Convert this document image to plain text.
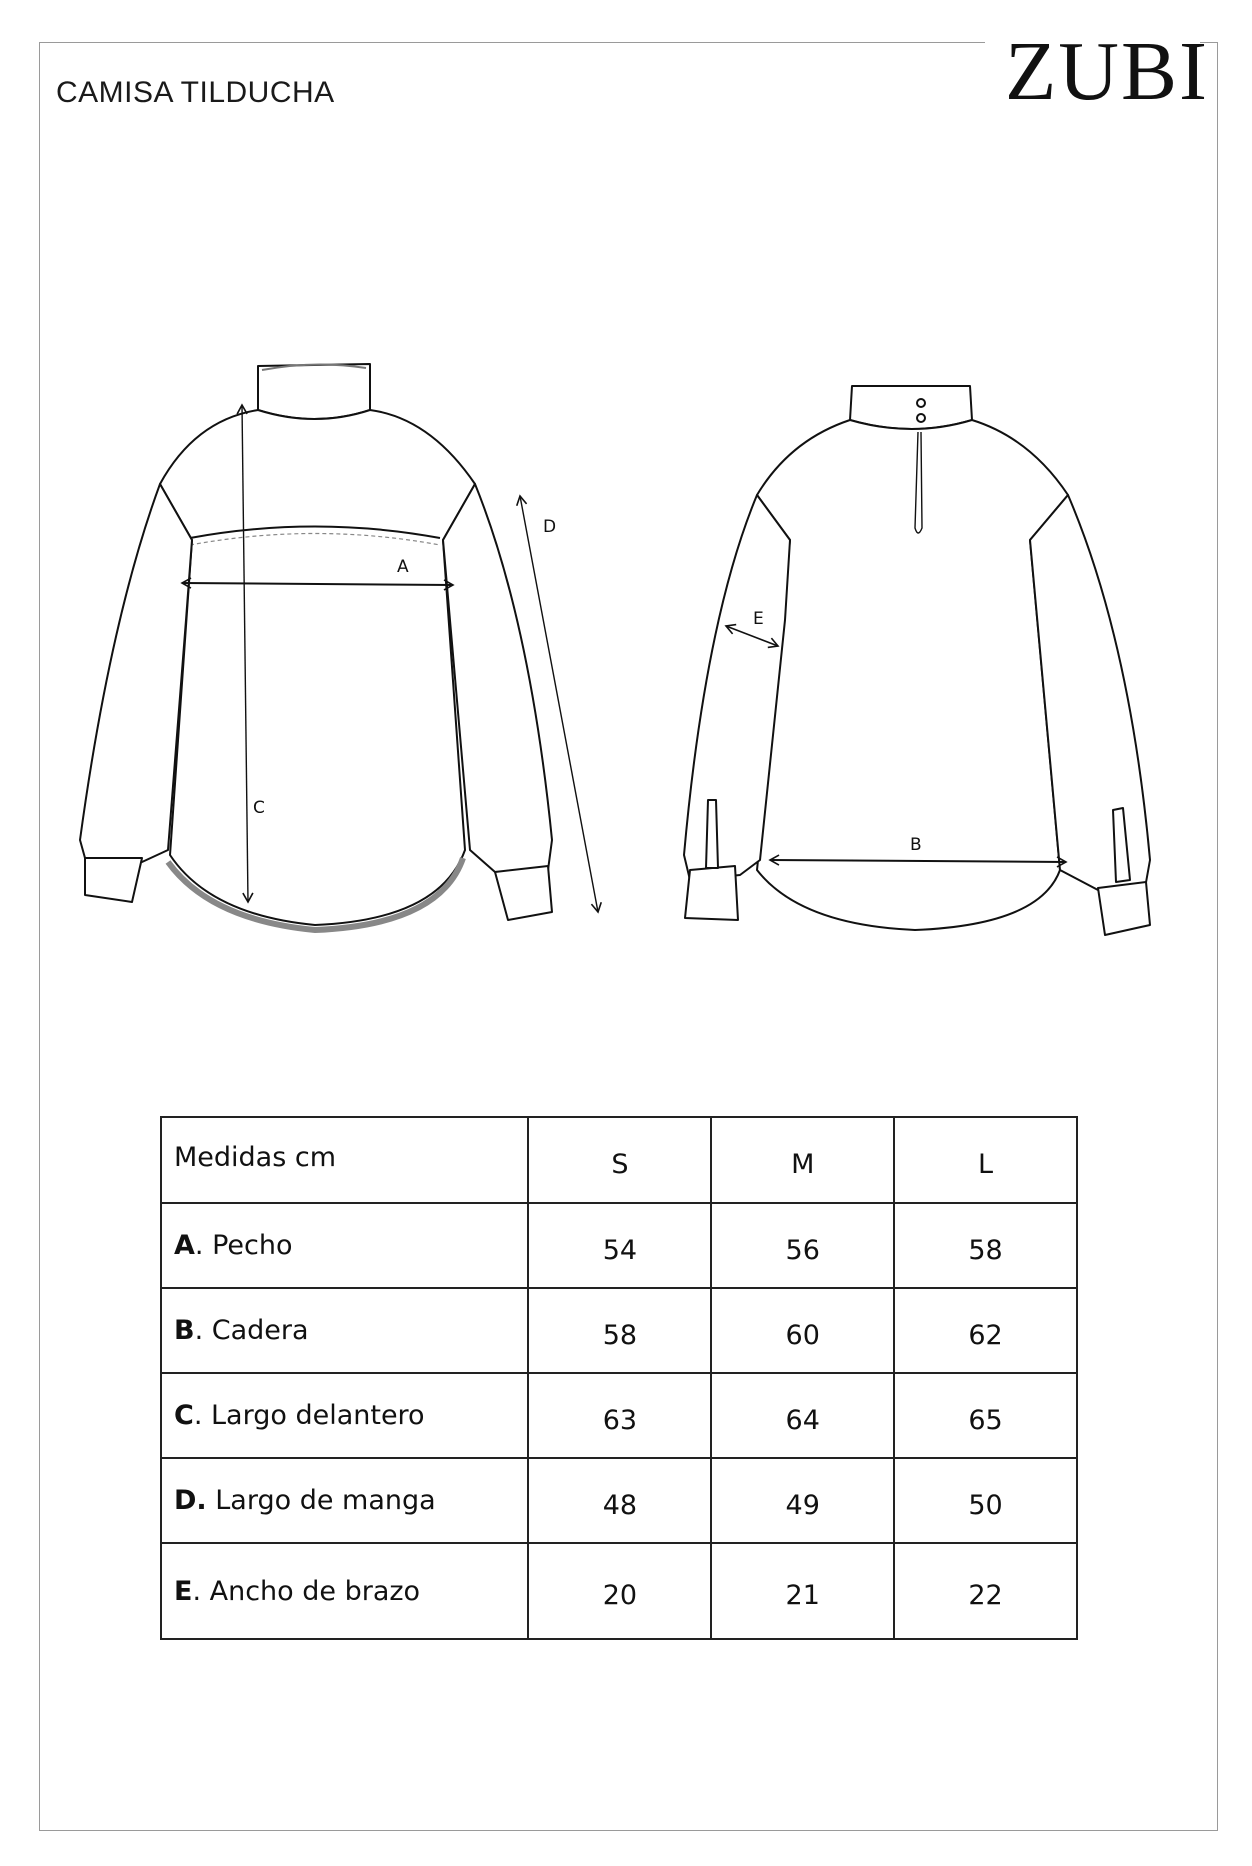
CAMISA TILDUCHA	ZUBI
A
C
D
B
E
Medidas cm	S	M	L
A. Pecho	54	56	58
B. Cadera	58	60	62
C. Largo delantero	63	64	65
D. Largo de manga	48	49	50
E. Ancho de brazo	20	21	22
